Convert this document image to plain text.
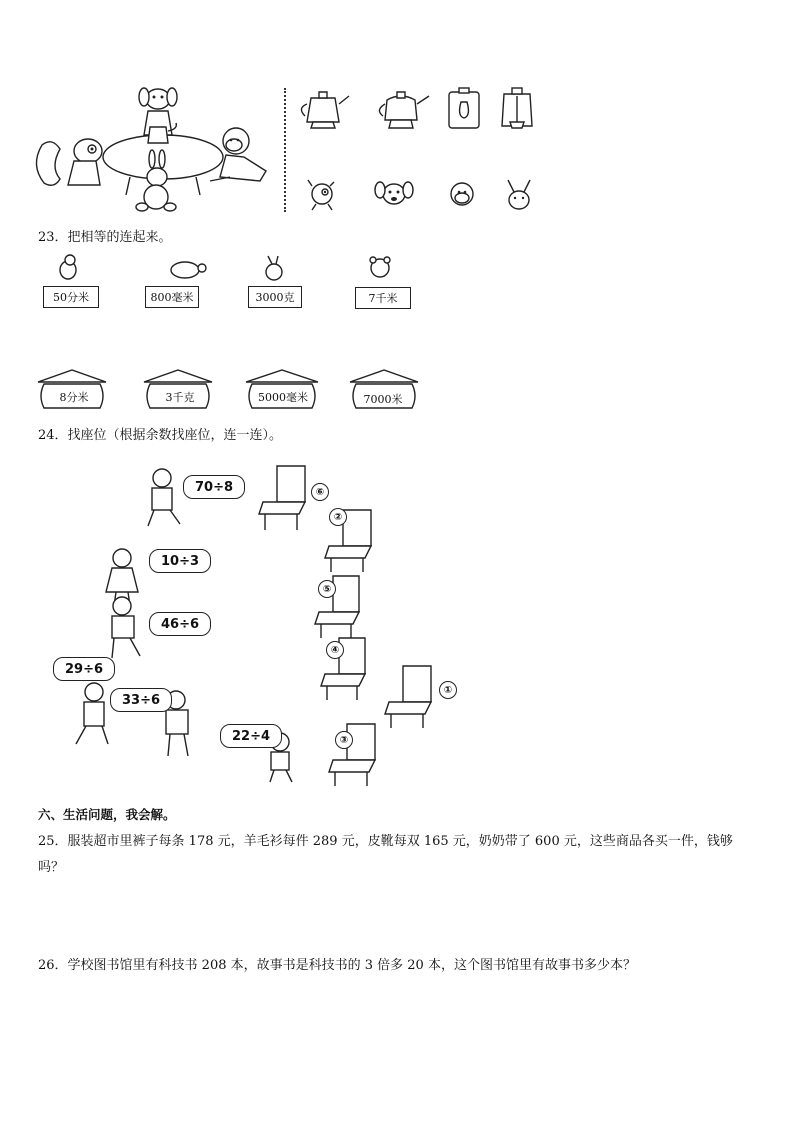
23．把相等的连起来。
50分米	800毫米	3000克	7千米
8分米	3千克	5000毫米	7000米
24．找座位（根据余数找座位，连一连）。
70÷8
10÷3
46÷6
29÷6
33÷6
22÷4
⑥
②
⑤
④
①
③
六、生活问题，我会解。
25．服装超市里裤子每条 178 元，羊毛衫每件 289 元，皮靴每双 165 元，奶奶带了 600 元，这些商品各买一件，钱够吗？
26．学校图书馆里有科技书 208 本，故事书是科技书的 3 倍多 20 本，这个图书馆里有故事书多少本？
